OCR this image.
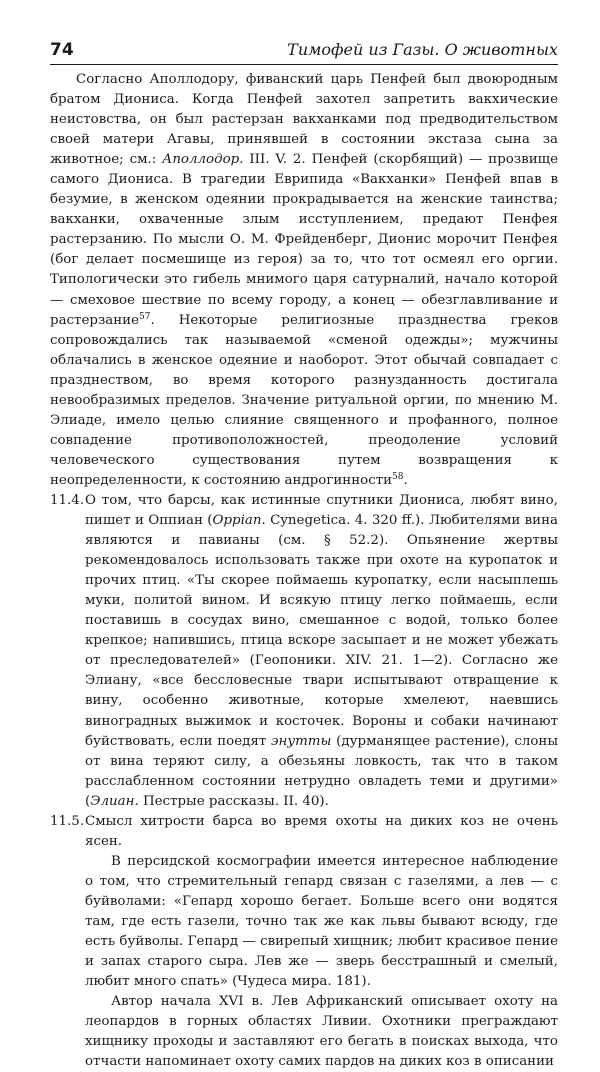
74	Тимофей из Газы. О животных

Согласно Аполлодору, фиванский царь Пенфей был двоюродным братом Диониса. Когда Пенфей захотел запретить вакхические неистовства, он был растерзан вакханками под предводительством своей матери Агавы, принявшей в состоянии экстаза сына за животное; см.: Аполлодор. III. V. 2. Пенфей (скорбящий) — прозвище самого Диониса. В трагедии Еврипида «Вакханки» Пенфей впав в безумие, в женском одеянии прокрадывается на женские таинства; вакханки, охваченные злым исступлением, предают Пенфея растерзанию. По мысли О. М. Фрейденберг, Дионис морочит Пенфея (бог делает посмешище из героя) за то, что тот осмеял его оргии. Типологически это гибель мнимого царя сатурналий, начало которой — смеховое шествие по всему городу, а конец — обезглавливание и растерзание$^{57}$. Некоторые религиозные празднества греков сопровождались так называемой «сменой одежды»; мужчины облачались в женское одеяние и наоборот. Этот обычай совпадает с празднеством, во время которого разнузданность достигала невообразимых пределов. Значение ритуальной оргии, по мнению М. Элиаде, имело целью слияние священного и профанного, полное совпадение противоположностей, преодоление условий человеческого существования путем возвращения к неопределенности, к состоянию андрогинности$^{58}$.

11.4. О том, что барсы, как истинные спутники Диониса, любят вино, пишет и Оппиан (Oppian. Cynegetica. 4. 320 ff.). Любителями вина являются и павианы (см. § 52.2). Опьянение жертвы рекомендовалось использовать также при охоте на куропаток и прочих птиц. «Ты скорее поймаешь куропатку, если насыплешь муки, политой вином. И всякую птицу легко поймаешь, если поставишь в сосудах вино, смешанное с водой, только более крепкое; напившись, птица вскоре засыпает и не может убежать от преследователей» (Геопоники. XIV. 21. 1—2). Согласно же Элиану, «все бессловесные твари испытывают отвращение к вину, особенно животные, которые хмелеют, наевшись виноградных выжимок и косточек. Вороны и собаки начинают буйствовать, если поедят энутты (дурманящее растение), слоны от вина теряют силу, а обезьяны ловкость, так что в таком расслабленном состоянии нетрудно овладеть теми и другими» (Элиан. Пестрые рассказы. II. 40).

11.5. Смысл хитрости барса во время охоты на диких коз не очень ясен.

В персидской космографии имеется интересное наблюдение о том, что стремительный гепард связан с газелями, а лев — с буйволами: «Гепард хорошо бегает. Больше всего они водятся там, где есть газели, точно так же как львы бывают всюду, где есть буйволы. Гепард — свирепый хищник; любит красивое пение и запах старого сыра. Лев же — зверь бесстрашный и смелый, любит много спать» (Чудеса мира. 181).

Автор начала XVI в. Лев Африканский описывает охоту на леопардов в горных областях Ливии. Охотники преграждают хищнику проходы и заставляют его бегать в поисках выхода, что отчасти напоминает охоту самих пардов на диких коз в описании
